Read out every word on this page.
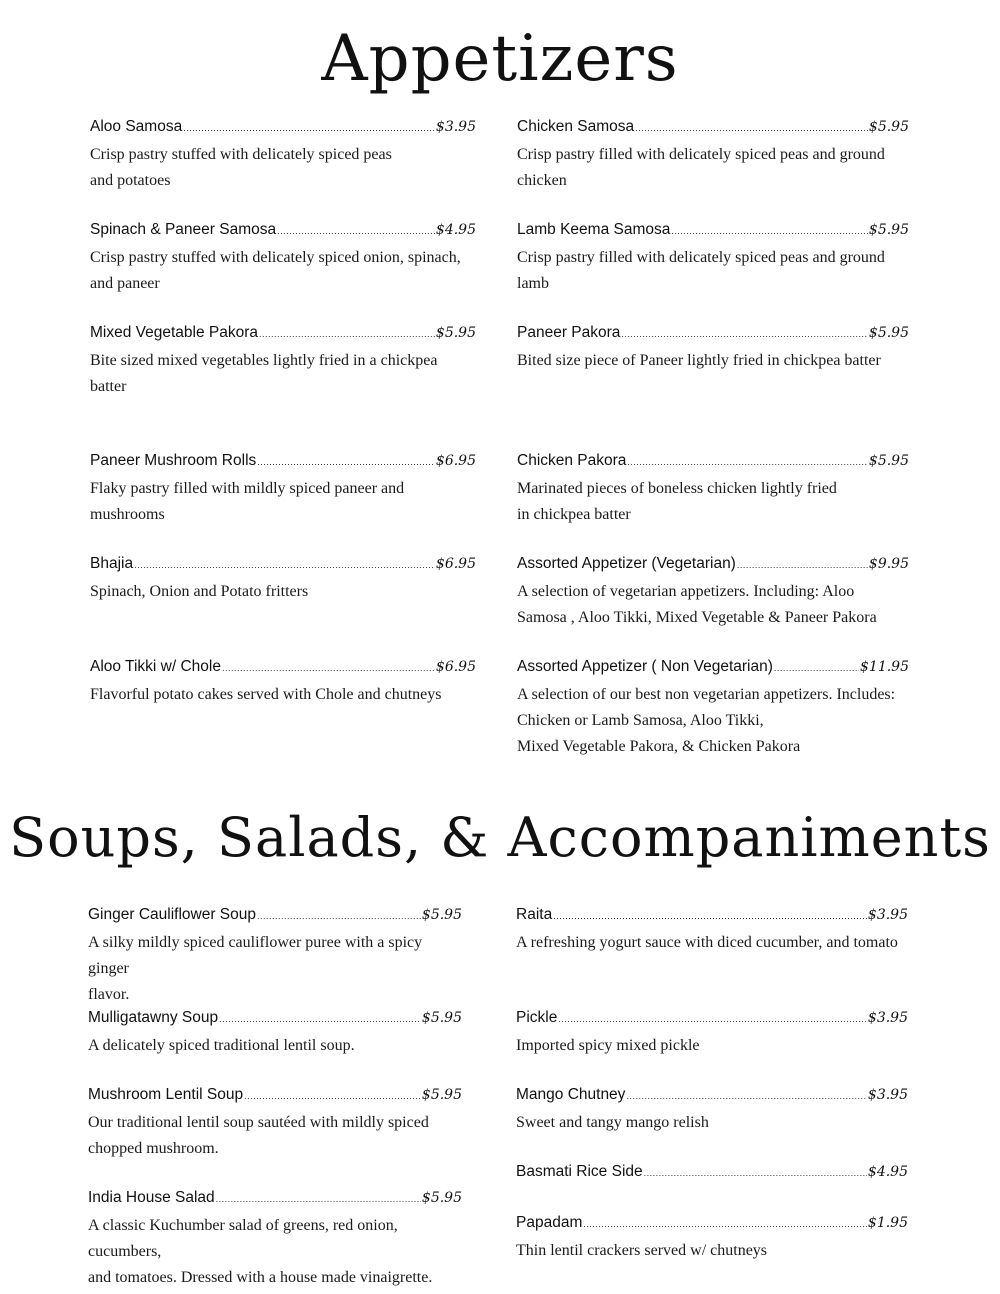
Appetizers
Aloo Samosa .....	$3.95
Crisp pastry stuffed with delicately spiced peas
and potatoes
Spinach & Paneer Samosa .....	$4.95
Crisp pastry stuffed with delicately spiced onion, spinach,
and paneer
Mixed Vegetable Pakora .....	$5.95
Bite sized mixed vegetables lightly fried in a chickpea batter
Paneer Mushroom Rolls .....	$6.95
Flaky pastry filled with mildly spiced paneer and mushrooms
Bhajia .....	$6.95
Spinach, Onion and Potato fritters
Aloo Tikki w/ Chole .....	$6.95
Flavorful potato cakes served with Chole and chutneys
Chicken Samosa .....	$5.95
Crisp pastry filled with delicately spiced peas and ground
chicken
Lamb Keema Samosa .....	$5.95
Crisp pastry filled with delicately spiced peas and ground
lamb
Paneer Pakora .....	$5.95
Bited size piece of Paneer lightly fried in chickpea batter
Chicken Pakora .....	$5.95
Marinated pieces of boneless chicken lightly fried
in chickpea batter
Assorted Appetizer (Vegetarian) .....	$9.95
A selection of vegetarian appetizers. Including: Aloo
Samosa , Aloo Tikki, Mixed Vegetable & Paneer Pakora
Assorted Appetizer ( Non Vegetarian) .....	$11.95
A selection of our best non vegetarian appetizers. Includes:
Chicken or Lamb Samosa, Aloo Tikki,
Mixed Vegetable Pakora, & Chicken Pakora
Soups, Salads, & Accompaniments
Ginger Cauliflower Soup .....	$5.95
A silky mildly spiced cauliflower puree with a spicy ginger
flavor.
Mulligatawny Soup .....	$5.95
A delicately spiced traditional lentil soup.
Mushroom Lentil Soup .....	$5.95
Our traditional lentil soup sautéed with mildly spiced
chopped mushroom.
India House Salad .....	$5.95
A classic Kuchumber salad of greens, red onion, cucumbers,
and tomatoes. Dressed with a house made vinaigrette.
Raita .....	$3.95
A refreshing yogurt sauce with diced cucumber, and tomato
Pickle .....	$3.95
Imported spicy mixed pickle
Mango Chutney .....	$3.95
Sweet and tangy mango relish
Basmati Rice Side .....	$4.95
Papadam .....	$1.95
Thin lentil crackers served w/ chutneys
